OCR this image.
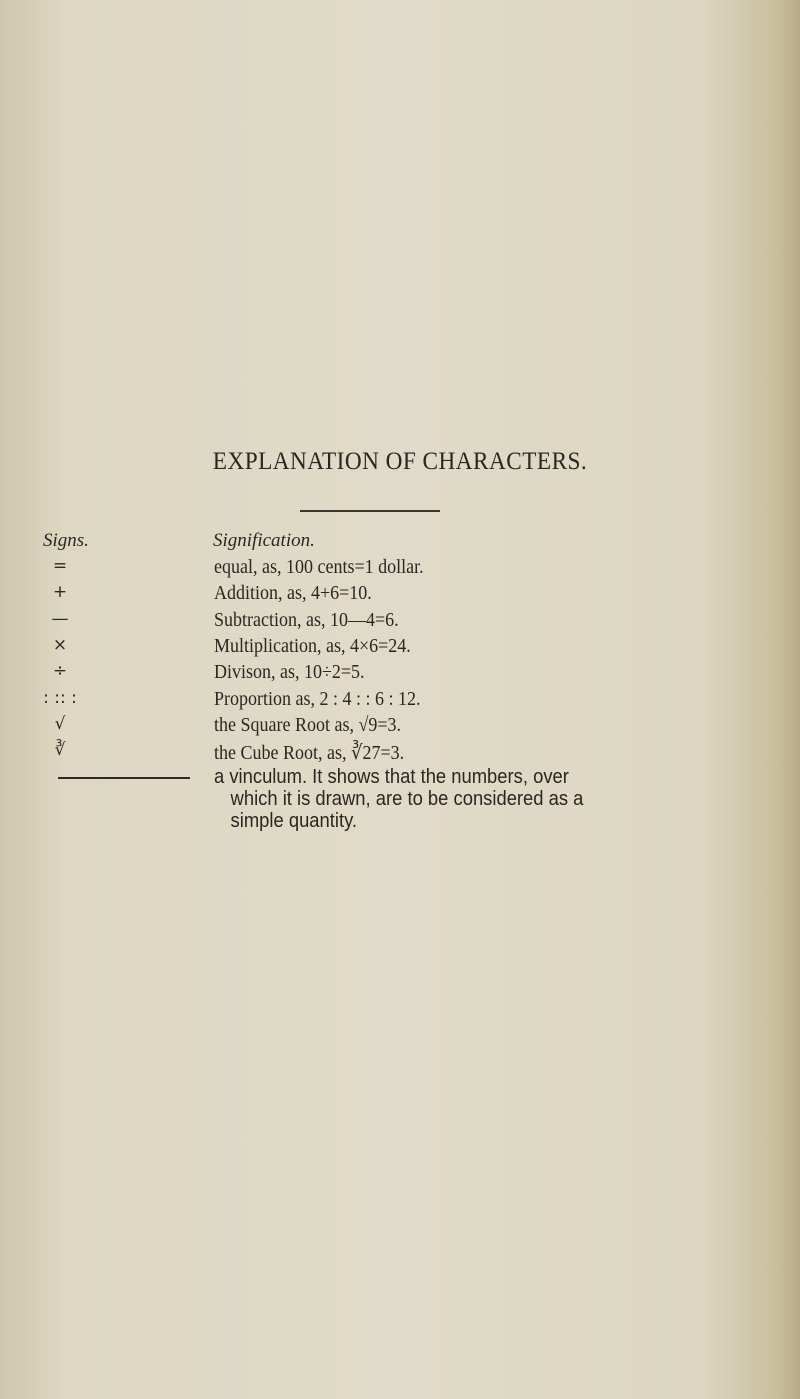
EXPLANATION OF CHARACTERS.
Signs.	Signification.
=	equal, as, 100 cents=1 dollar.
+	Addition, as, 4+6=10.
—	Subtraction, as, 10—4=6.
×	Multiplication, as, 4×6=24.
÷	Divison, as, 10÷2=5.
: :: :	Proportion as, 2 : 4 : : 6 : 12.
√	the Square Root as, √9=3.
∛	the Cube Root, as, ∛27=3.
a vinculum. It shows that the numbers, over
which it is drawn, are to be considered as a
simple quantity.
